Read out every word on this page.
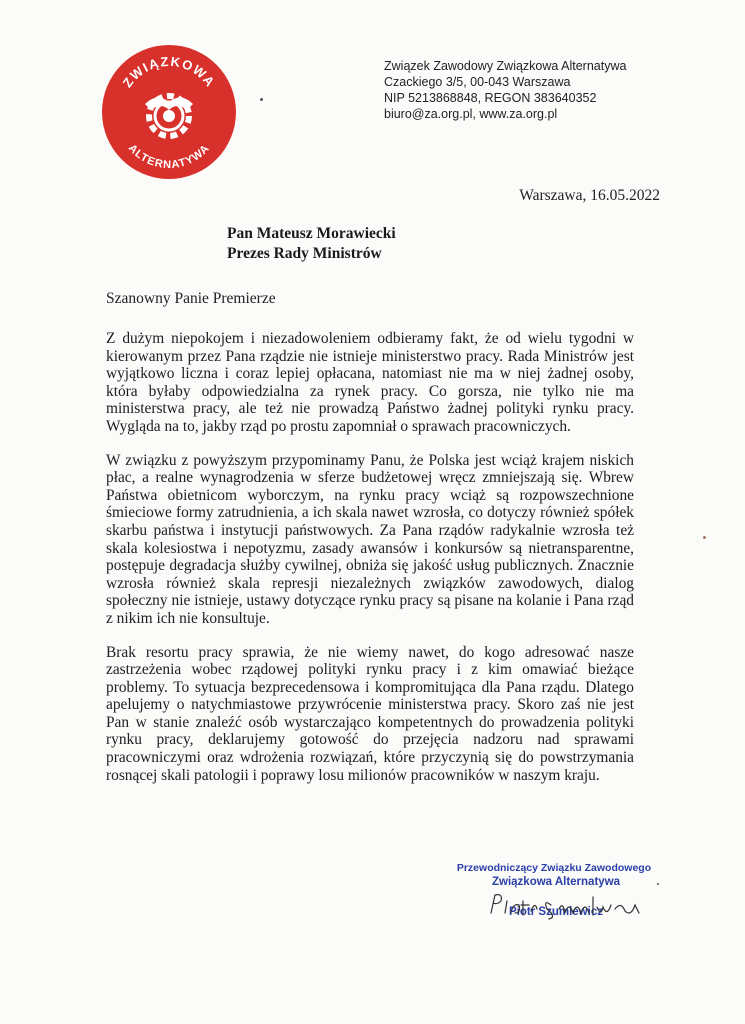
ZWIĄZKOWA
ALTERNATYWA
Związek Zawodowy Związkowa Alternatywa
Czackiego 3/5, 00-043 Warszawa
NIP 5213868848, REGON 383640352
biuro@za.org.pl, www.za.org.pl
Warszawa, 16.05.2022
Pan Mateusz Morawiecki
Prezes Rady Ministrów
Szanowny Panie Premierze

Z dużym niepokojem i niezadowoleniem odbieramy fakt, że od wielu tygodni w kierowanym przez Pana rządzie nie istnieje ministerstwo pracy. Rada Ministrów jest wyjątkowo liczna i coraz lepiej opłacana, natomiast nie ma w niej żadnej osoby, która byłaby odpowiedzialna za rynek pracy. Co gorsza, nie tylko nie ma ministerstwa pracy, ale też nie prowadzą Państwo żadnej polityki rynku pracy. Wygląda na to, jakby rząd po prostu zapomniał o sprawach pracowniczych.

W związku z powyższym przypominamy Panu, że Polska jest wciąż krajem niskich płac, a realne wynagrodzenia w sferze budżetowej wręcz zmniejszają się. Wbrew Państwa obietnicom wyborczym, na rynku pracy wciąż są rozpowszechnione śmieciowe formy zatrudnienia, a ich skala nawet wzrosła, co dotyczy również spółek skarbu państwa i instytucji państwowych. Za Pana rządów radykalnie wzrosła też skala kolesiostwa i nepotyzmu, zasady awansów i konkursów są nietransparentne, postępuje degradacja służby cywilnej, obniża się jakość usług publicznych. Znacznie wzrosła również skala represji niezależnych związków zawodowych, dialog społeczny nie istnieje, ustawy dotyczące rynku pracy są pisane na kolanie i Pana rząd z nikim ich nie konsultuje.

Brak resortu pracy sprawia, że nie wiemy nawet, do kogo adresować nasze zastrzeżenia wobec rządowej polityki rynku pracy i z kim omawiać bieżące problemy. To sytuacja bezprecedensowa i kompromitująca dla Pana rządu. Dlatego apelujemy o natychmiastowe przywrócenie ministerstwa pracy. Skoro zaś nie jest Pan w stanie znaleźć osób wystarczająco kompetentnych do prowadzenia polityki rynku pracy, deklarujemy gotowość do przejęcia nadzoru nad sprawami pracowniczymi oraz wdrożenia rozwiązań, które przyczynią się do powstrzymania rosnącej skali patologii i poprawy losu milionów pracowników w naszym kraju.

Przewodniczący Związku Zawodowego
Związkowa Alternatywa
Piotr Szumlewicz
